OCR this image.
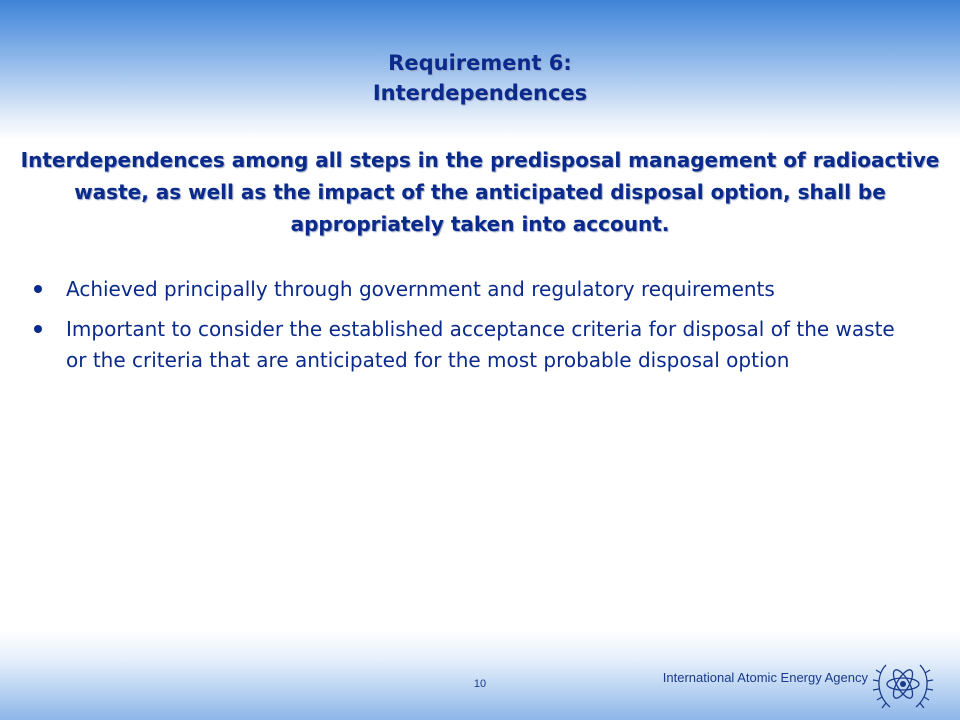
Requirement 6:
Interdependences
Interdependences among all steps in the predisposal management of radioactive waste, as well as the impact of the anticipated disposal option, shall be appropriately taken into account.
Achieved principally through government and regulatory requirements
Important to consider the established acceptance criteria for disposal of the waste or the criteria that are anticipated for the most probable disposal option
10	International Atomic Energy Agency
